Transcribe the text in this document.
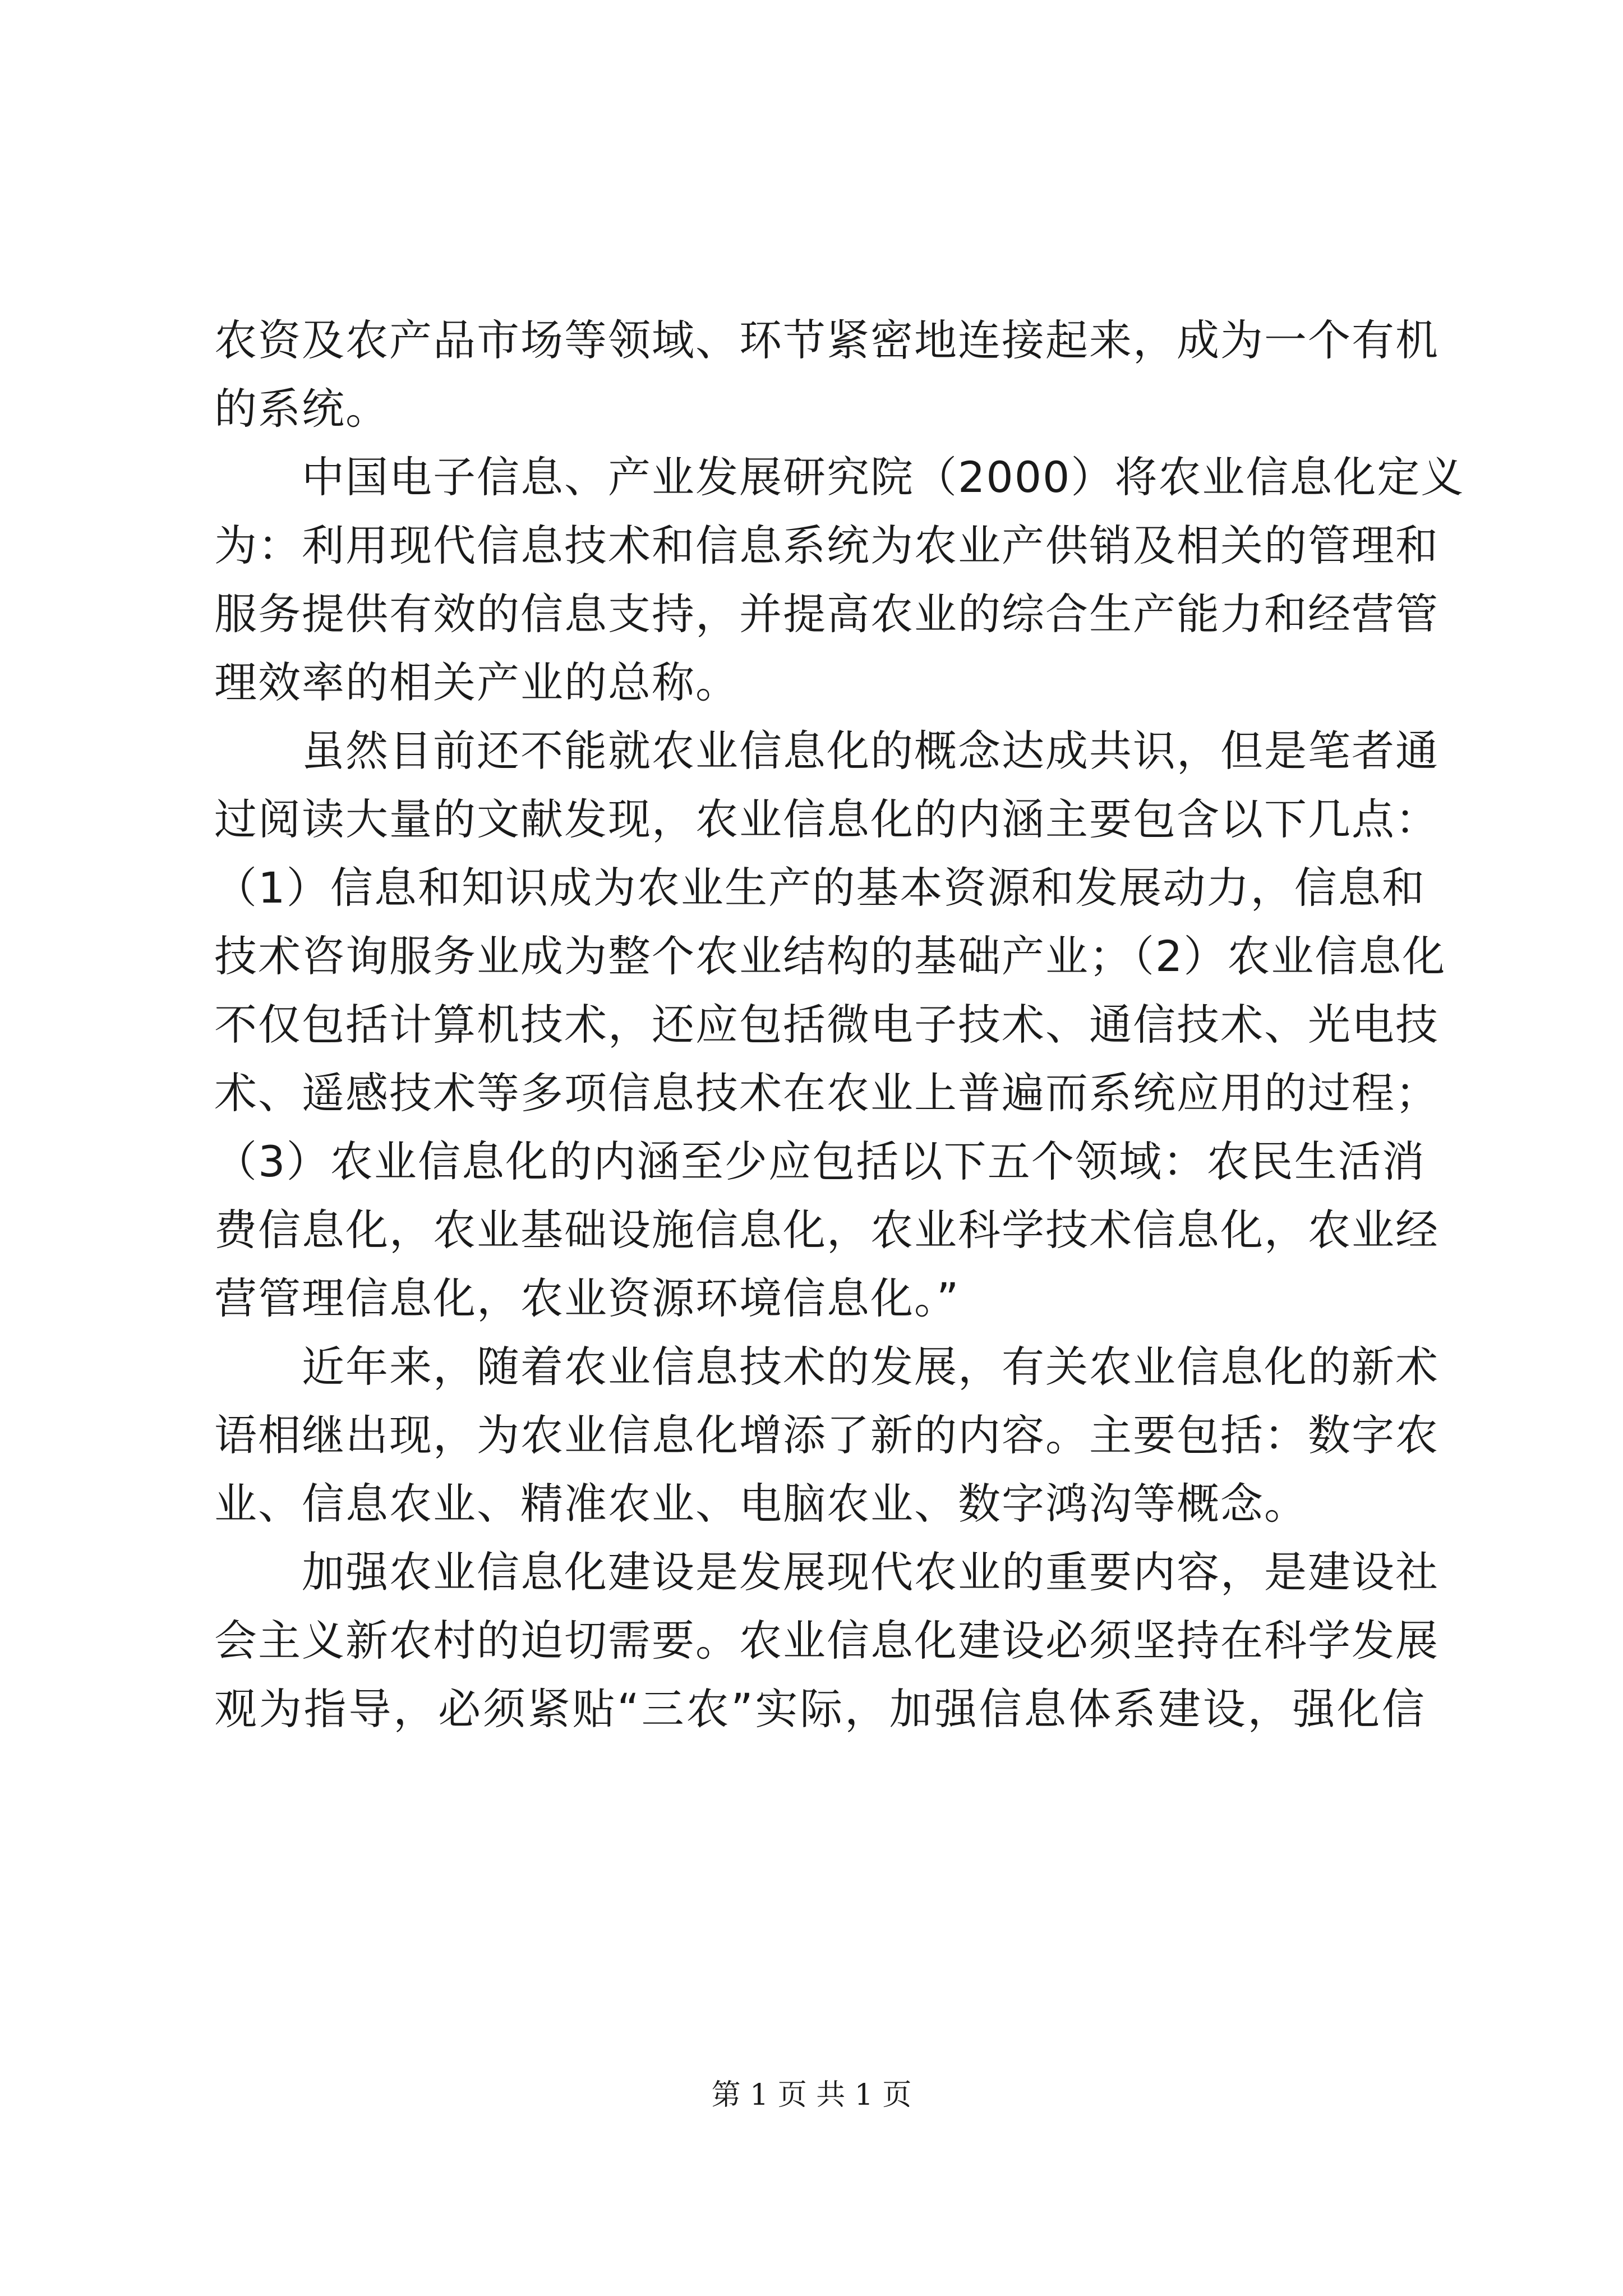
农资及农产品市场等领域、环节紧密地连接起来，成为一个有机
的系统。
　　中国电子信息、产业发展研究院（2000）将农业信息化定义
为：利用现代信息技术和信息系统为农业产供销及相关的管理和
服务提供有效的信息支持，并提高农业的综合生产能力和经营管
理效率的相关产业的总称。
　　虽然目前还不能就农业信息化的概念达成共识，但是笔者通
过阅读大量的文献发现，农业信息化的内涵主要包含以下几点：
（1）信息和知识成为农业生产的基本资源和发展动力，信息和
技术咨询服务业成为整个农业结构的基础产业；（2）农业信息化
不仅包括计算机技术，还应包括微电子技术、通信技术、光电技
术、遥感技术等多项信息技术在农业上普遍而系统应用的过程；
（3）农业信息化的内涵至少应包括以下五个领域：农民生活消
费信息化，农业基础设施信息化，农业科学技术信息化，农业经
营管理信息化，农业资源环境信息化。”
　　近年来，随着农业信息技术的发展，有关农业信息化的新术
语相继出现，为农业信息化增添了新的内容。主要包括：数字农
业、信息农业、精准农业、电脑农业、数字鸿沟等概念。
　　加强农业信息化建设是发展现代农业的重要内容，是建设社
会主义新农村的迫切需要。农业信息化建设必须坚持在科学发展
观为指导，必须紧贴“三农”实际，加强信息体系建设，强化信
第 1 页 共 1 页
